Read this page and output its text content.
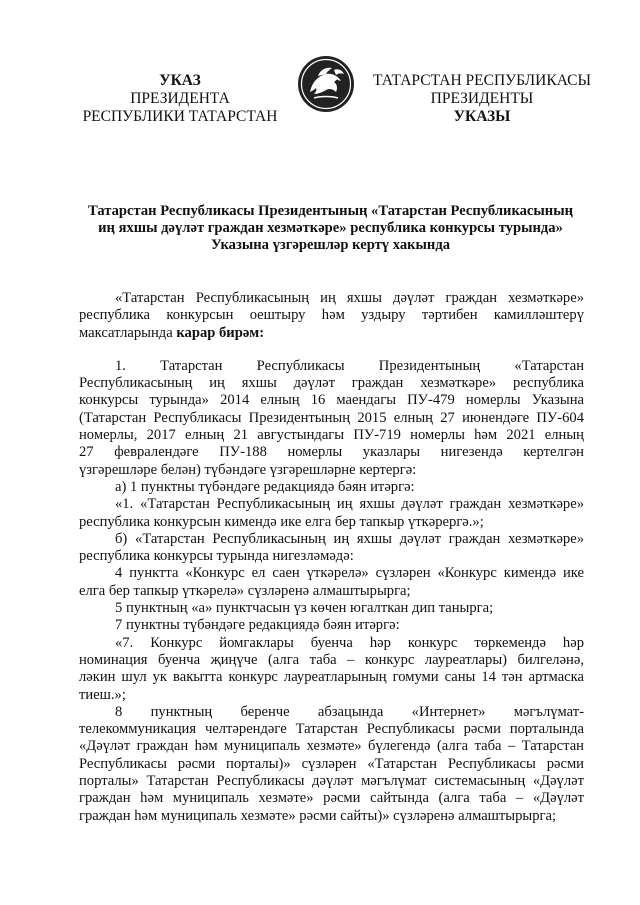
УКАЗ
ПРЕЗИДЕНТА
РЕСПУБЛИКИ ТАТАРСТАН
ТАТАРСТАН РЕСПУБЛИКАСЫ
ПРЕЗИДЕНТЫ
УКАЗЫ
Татарстан Республикасы Президентының «Татарстан Республикасының
иң яхшы дәүләт граждан хезмәткәре» республика конкурсы турында»
Указына үзгәрешләр кертү хакында

«Татарстан Республикасының иң яхшы дәүләт граждан хезмәткәре»

республика конкурсын оештыру һәм уздыру тәртибен камилләштерү

максатларында карар бирәм:

1. Татарстан Республикасы Президентының «Татарстан

Республикасының иң яхшы дәүләт граждан хезмәткәре» республика

конкурсы турында» 2014 елның 16 маендагы ПУ-479 номерлы Указына

(Татарстан Республикасы Президентының 2015 елның 27 июнендәге ПУ-604

номерлы, 2017 елның 21 августындагы ПУ-719 номерлы һәм 2021 елның

27 февралендәге ПУ-188 номерлы указлары нигезендә кертелгән

үзгәрешләре белән) түбәндәге үзгәрешләрне кертергә:

а) 1 пунктны түбәндәге редакциядә бәян итәргә:

«1. «Татарстан Республикасының иң яхшы дәүләт граждан хезмәткәре»

республика конкурсын кимендә ике елга бер тапкыр үткәрергә.»;

б) «Татарстан Республикасының иң яхшы дәүләт граждан хезмәткәре»

республика конкурсы турында нигезләмәдә:

4 пунктта «Конкурс ел саен үткәрелә» сүзләрен «Конкурс кимендә ике

елга бер тапкыр үткәрелә» сүзләренә алмаштырырга;

5 пунктның «а» пунктчасын үз көчен югалткан дип танырга;

7 пунктны түбәндәге редакциядә бәян итәргә:

«7. Конкурс йомгаклары буенча һәр конкурс төркемендә һәр

номинация буенча җиңүче (алга таба – конкурс лауреатлары) билгеләнә,

ләкин шул ук вакытта конкурс лауреатларының гомуми саны 14 тән артмаска

тиеш.»;

8 пунктның беренче абзацында «Интернет» мәгълүмат-

телекоммуникация челтәрендәге Татарстан Республикасы рәсми порталында

«Дәүләт граждан һәм муниципаль хезмәте» бүлегендә (алга таба – Татарстан

Республикасы рәсми порталы)» сүзләрен «Татарстан Республикасы рәсми

порталы» Татарстан Республикасы дәүләт мәгълүмат системасының «Дәүләт

граждан һәм муниципаль хезмәте» рәсми сайтында (алга таба – «Дәүләт

граждан һәм муниципаль хезмәте» рәсми сайты)» сүзләренә алмаштырырга;
